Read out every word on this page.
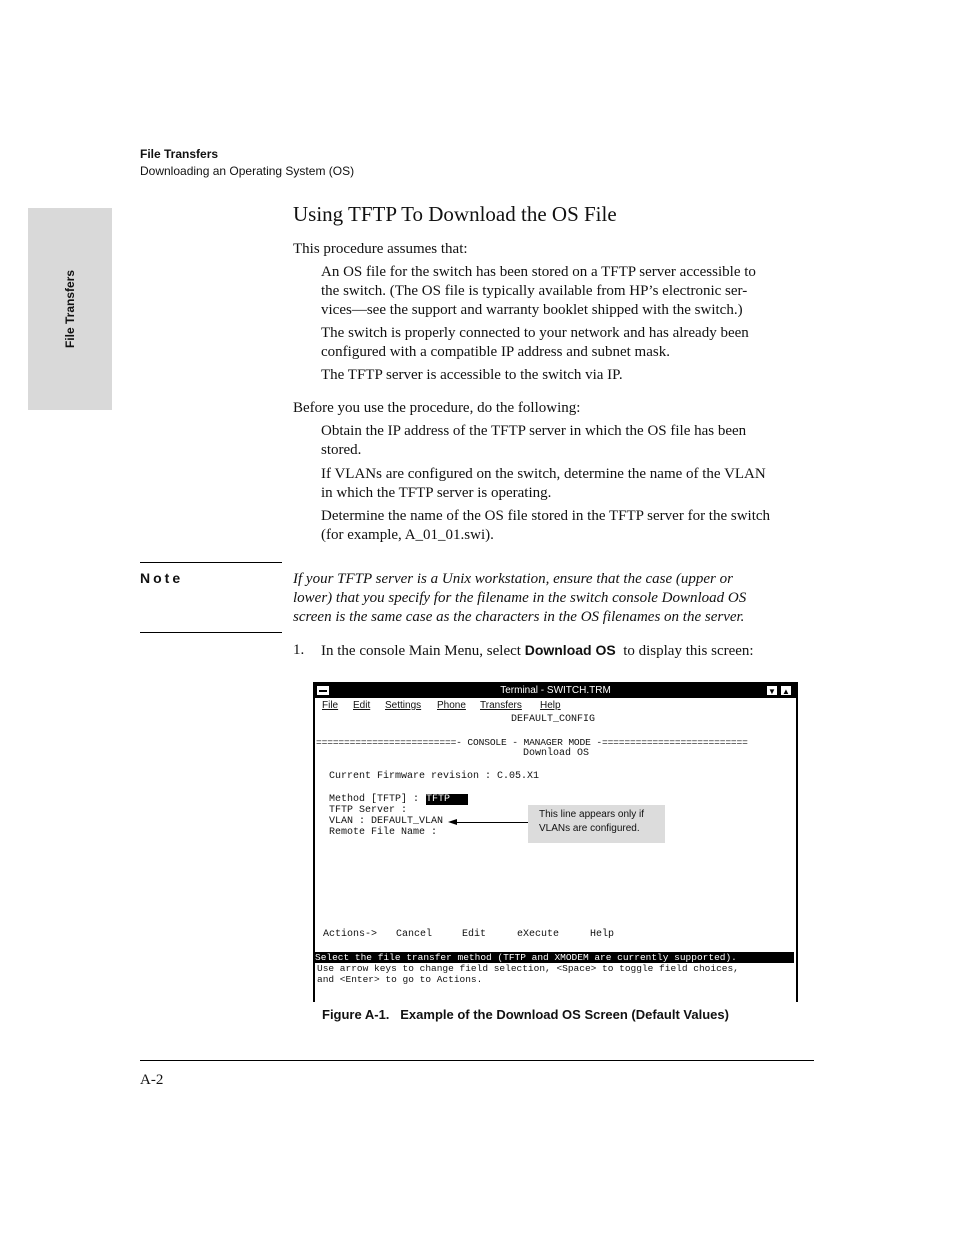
File Transfers
Downloading an Operating System (OS)
File Transfers
Using TFTP To Download the OS File
This procedure assumes that:
An OS file for the switch has been stored on a TFTP server accessible to
the switch. (The OS file is typically available from HP’s electronic ser-
vices—see the support and warranty booklet shipped with the switch.)
The switch is properly connected to your network and has already been
configured with a compatible IP address and subnet mask.
The TFTP server is accessible to the switch via IP.
Before you use the procedure, do the following:
Obtain the IP address of the TFTP server in which the OS file has been
stored.
If VLANs are configured on the switch, determine the name of the VLAN
in which the TFTP server is operating.
Determine the name of the OS file stored in the TFTP server for the switch
(for example, A_01_01.swi).
Note	If your TFTP server is a Unix workstation, ensure that the case (upper or
lower) that you specify for the filename in the switch console Download OS
screen is the same case as the characters in the OS filenames on the server.
1. In the console Main Menu, select Download OS to display this screen:
Terminal - SWITCH.TRM	▼ ▲
File Edit Settings Phone Transfers Help
DEFAULT_CONFIG
=========================- CONSOLE - MANAGER MODE -==========================
Download OS
Current Firmware revision : C.05.X1
Method [TFTP] : TFTP
TFTP Server :
VLAN : DEFAULT_VLAN
Remote File Name :
This line appears only if
VLANs are configured.
Actions-> Cancel	Edit	eXecute	Help
Select the file transfer method (TFTP and XMODEM are currently supported).
Use arrow keys to change field selection, <Space> to toggle field choices,
and <Enter> to go to Actions.
Figure A-1.   Example of the Download OS Screen (Default Values)
A-2
